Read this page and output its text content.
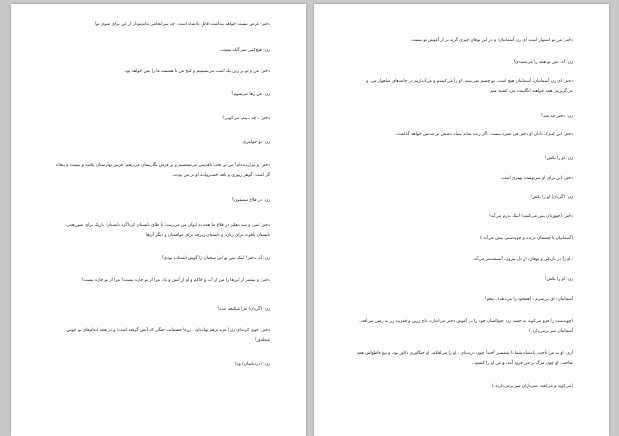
دختر: غرض نیست خواهد پنداشت قاتلِ پادشاه است. چه سرانجامی ماتم‌تودار از این برای شوی تو!
زن: هیچ‌کس نمی‌گناه نیست.
دختر: من و تو بر زین یک اسب می‌نشینیم و کنج من تا همیشه ما را بس خواهد بود.
زن: من رها می‌شوم؟
دختر: ـ چه ـ بیم، می‌کوبی؟
زن: تو جوانتری.
دختر: و بیزارتـده‌ام! من بر تخت تاقدیس می‌نشستم و بر فرش نگارستان می‌رفتم. فرش بهارستان یکصد و بیست و پنجاه گز است. گوهر زیوری و بافه خسـروانـه او بر من بودند.
زن: در قلاع تیسفون؟
دختر: سی و سه دهلیز در قلاع ما همه به ایوان من می‌رسد. با طاق تابستان کرداگرد تابستان. تاریک برای شوربختی، تابستان یاقوت برای زنان، و تابستان زیرچه برای موافقتان و دیگر آن‌ها
زن: آه، دختر! اینک بس تو این سخنان را گوش ایستاده بودی؟
دختر: و بیشتر از این‌ها را من از آب و خاکم و او از آتش و باد. مرا از تو چاره نیست! مرا از تو چاره نیست!
زن: (گریان) مرا شکنجه مده!
دختر: خوی کرده‌ای زن! مژه برهم نهاده‌ای ـ رزما جشمانت جنگی که آتش گرفته است؛ و در همه اندام‌های تو جوش شعله‌ور!
زن: (دردناشان) وه!
دختر: من تو استوار است ای زن آسمانیان؛ و در این توفان چیزی گریه تر از آغوش تو نیست.
زن: آه، بس تو همه را می‌شنیدی!
دختر: ای زن آسمانیان، آسمانیان هیچ است. تو چشم نمی‌بینند. او را می‌کشیم و می‌اندازیم در جامه‌های شاهوار من. و می‌گریزیم. همه خواهند انگاشت مرد کشته منم.
زن: دختر چه شد؟
دختر: این کنیزک نادان او دختر قی مقره نیست. اگر زنده بماند سپاه دشمن بر مدنش خواهد گذاشت.
زن: او را بکش!
دختر: این برای او سرنوشت بهتری است.
زن: (گریان) او را بکش!
دختر: (جیغ‌زنان پس می‌کشد) اینک بدرم می‌آید!
(آسمانیان با چشمان درنده و چوبدستی پیش می‌آید.)
ـ او را در تاریکی و توفان، از دل بیرون، آسیمه‌سر می‌آید.
زن: او را بکش!
آسمانیان: ای بی‌شرم ـ (همخود را می‌دهد) ـ مجو!
(چوبدست را فرو می‌کوبد به جسد زن. جیغ‌کشان خود را در آغوش دختر می‌اندازد. تاج زرین و قمریند زر به زمین می‌افتد. آسمانیان سر برمی‌دارد.)
آری. او به من تاخت. پادشاه شما با شمشیر آخته! چون درنده‌ای ـ او را می‌افکند. او جنگاوری دلاور بود، و تیغ فاطع‌اش همه متاخت. او چون مرگ بر من فرود آمد، و من او را کشتم ـ
(می‌کوبد و می‌افتد. سرداران سر برمی‌دارند.)
